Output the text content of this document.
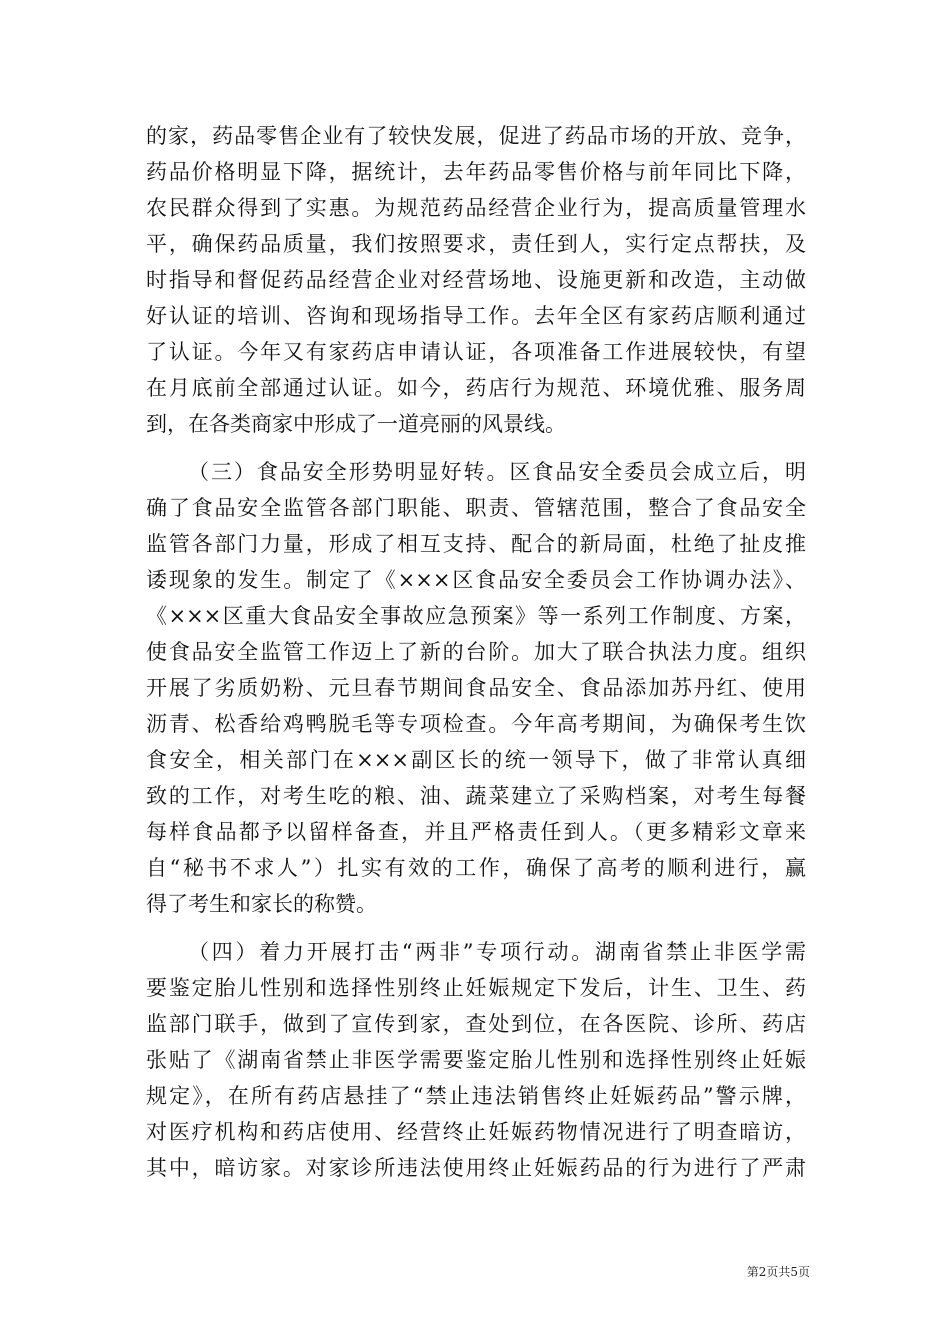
的家，药品零售企业有了较快发展，促进了药品市场的开放、竞争，
药品价格明显下降，据统计，去年药品零售价格与前年同比下降，
农民群众得到了实惠。为规范药品经营企业行为，提高质量管理水
平，确保药品质量，我们按照要求，责任到人，实行定点帮扶，及
时指导和督促药品经营企业对经营场地、设施更新和改造，主动做
好认证的培训、咨询和现场指导工作。去年全区有家药店顺利通过
了认证。今年又有家药店申请认证，各项准备工作进展较快，有望
在月底前全部通过认证。如今，药店行为规范、环境优雅、服务周
到，在各类商家中形成了一道亮丽的风景线。
（三）食品安全形势明显好转。区食品安全委员会成立后，明
确了食品安全监管各部门职能、职责、管辖范围，整合了食品安全
监管各部门力量，形成了相互支持、配合的新局面，杜绝了扯皮推
诿现象的发生。制定了《×××区食品安全委员会工作协调办法》、
《×××区重大食品安全事故应急预案》等一系列工作制度、方案，
使食品安全监管工作迈上了新的台阶。加大了联合执法力度。组织
开展了劣质奶粉、元旦春节期间食品安全、食品添加苏丹红、使用
沥青、松香给鸡鸭脱毛等专项检查。今年高考期间，为确保考生饮
食安全，相关部门在×××副区长的统一领导下，做了非常认真细
致的工作，对考生吃的粮、油、蔬菜建立了采购档案，对考生每餐
每样食品都予以留样备查，并且严格责任到人。（更多精彩文章来
自“秘书不求人”）扎实有效的工作，确保了高考的顺利进行，赢
得了考生和家长的称赞。
（四）着力开展打击“两非”专项行动。湖南省禁止非医学需
要鉴定胎儿性别和选择性别终止妊娠规定下发后，计生、卫生、药
监部门联手，做到了宣传到家，查处到位，在各医院、诊所、药店
张贴了《湖南省禁止非医学需要鉴定胎儿性别和选择性别终止妊娠
规定》，在所有药店悬挂了“禁止违法销售终止妊娠药品”警示牌，
对医疗机构和药店使用、经营终止妊娠药物情况进行了明查暗访，
其中，暗访家。对家诊所违法使用终止妊娠药品的行为进行了严肃
第2页共5页
